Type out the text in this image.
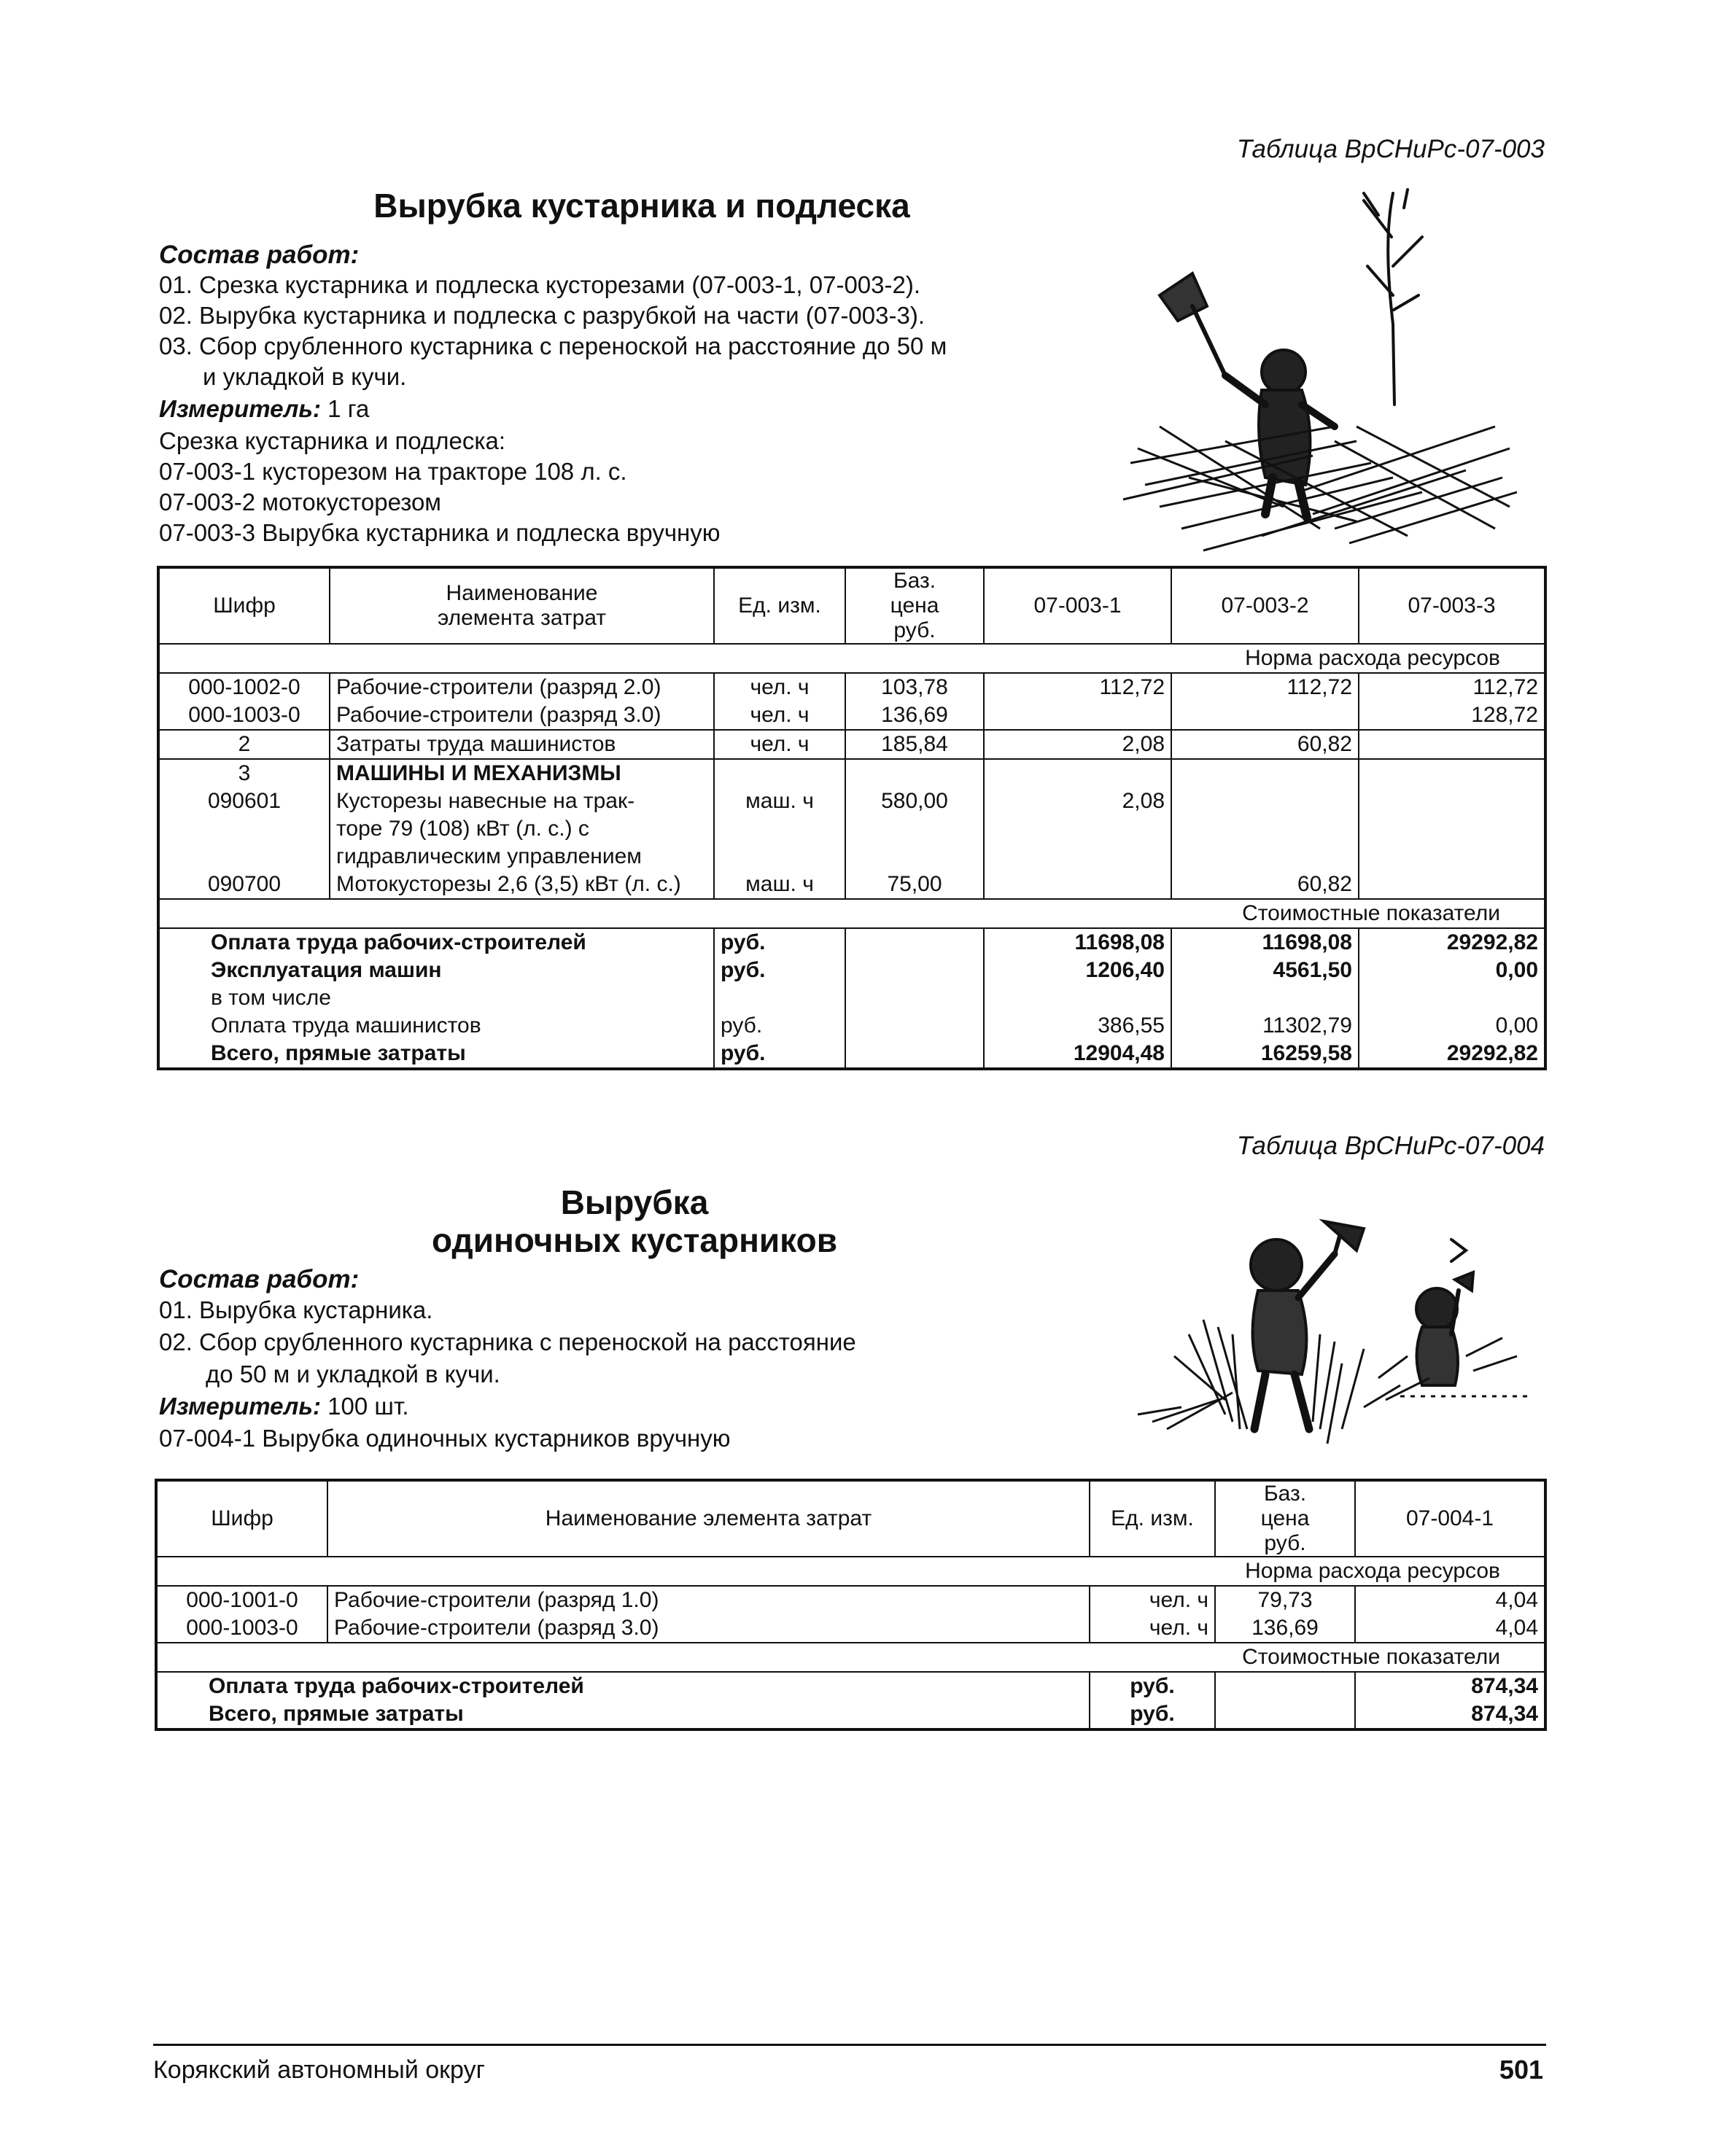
Таблица ВрСНиРс-07-003
Вырубка кустарника и подлеска
Состав работ:
01. Срезка кустарника и подлеска кусторезами (07-003-1, 07-003-2).
02. Вырубка кустарника и подлеска с разрубкой на части (07-003-3).
03. Сбор срубленного кустарника с переноской на расстояние до 50 м
и укладкой в кучи.
Измеритель: 1 га
Срезка кустарника и подлеска:
07-003-1 кусторезом на тракторе 108 л. с.
07-003-2 мотокусторезом
07-003-3 Вырубка кустарника и подлеска вручную
Шифр	Наименование элемента затрат	Ед. изм.	Баз. цена руб.	07-003-1	07-003-2	07-003-3
Норма расхода ресурсов						
000-1002-0	Рабочие-строители (разряд 2.0)	чел. ч	103,78	112,72	112,72	112,72
000-1003-0	Рабочие-строители (разряд 3.0)	чел. ч	136,69			128,72
2	Затраты труда машинистов	чел. ч	185,84	2,08	60,82	
3	МАШИНЫ И МЕХАНИЗМЫ					
090601	Кусторезы навесные на трак-	маш. ч	580,00	2,08		
	торе 79 (108) кВт (л. с.) с					
	гидравлическим управлением					
090700	Мотокусторезы 2,6 (3,5) кВт (л. с.)	маш. ч	75,00		60,82	
Стоимостные показатели						
Оплата труда рабочих-строителей		руб.		11698,08	11698,08	29292,82
Эксплуатация машин		руб.		1206,40	4561,50	0,00
в том числе						
Оплата труда машинистов		руб.		386,55	11302,79	0,00
Всего, прямые затраты		руб.		12904,48	16259,58	29292,82
Таблица ВрСНиРс-07-004
Вырубка
одиночных кустарников
Состав работ:
01. Вырубка кустарника.
02. Сбор срубленного кустарника с переноской на расстояние
до 50 м и укладкой в кучи.
Измеритель: 100 шт.
07-004-1 Вырубка одиночных кустарников вручную
Шифр	Наименование элемента затрат	Ед. изм.	Баз. цена руб.	07-004-1
Норма расхода ресурсов				
000-1001-0	Рабочие-строители (разряд 1.0)	чел. ч	79,73	4,04
000-1003-0	Рабочие-строители (разряд 3.0)	чел. ч	136,69	4,04
Стоимостные показатели				
Оплата труда рабочих-строителей		руб.		874,34
Всего, прямые затраты		руб.		874,34
Корякский автономный округ	501
